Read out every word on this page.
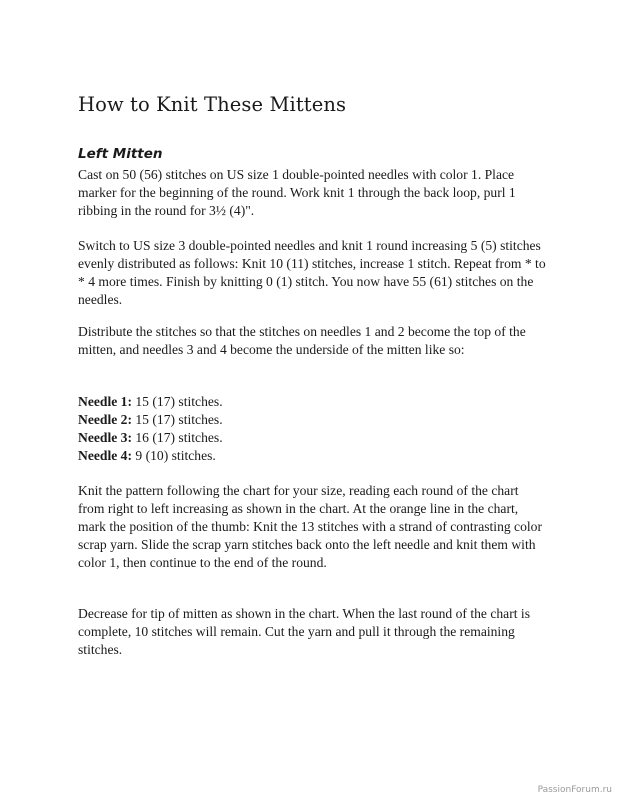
How to Knit These Mittens
Left Mitten

Cast on 50 (56) stitches on US size 1 double-pointed needles with color 1. Place marker for the beginning of the round. Work knit 1 through the back loop, purl 1 ribbing in the round for 3½ (4)".

Switch to US size 3 double-pointed needles and knit 1 round increasing 5 (5) stitches evenly distributed as follows: Knit 10 (11) stitches, increase 1 stitch. Repeat from * to * 4 more times. Finish by knitting 0 (1) stitch. You now have 55 (61) stitches on the needles.

Distribute the stitches so that the stitches on needles 1 and 2 become the top of the mitten, and needles 3 and 4 become the underside of the mitten like so:

Needle 1: 15 (17) stitches.
Needle 2: 15 (17) stitches.
Needle 3: 16 (17) stitches.
Needle 4: 9 (10) stitches.

Knit the pattern following the chart for your size, reading each round of the chart from right to left increasing as shown in the chart. At the orange line in the chart, mark the position of the thumb: Knit the 13 stitches with a strand of contrasting color scrap yarn. Slide the scrap yarn stitches back onto the left needle and knit them with color 1, then continue to the end of the round.

Decrease for tip of mitten as shown in the chart. When the last round of the chart is complete, 10 stitches will remain. Cut the yarn and pull it through the remaining stitches.

PassionForum.ru
